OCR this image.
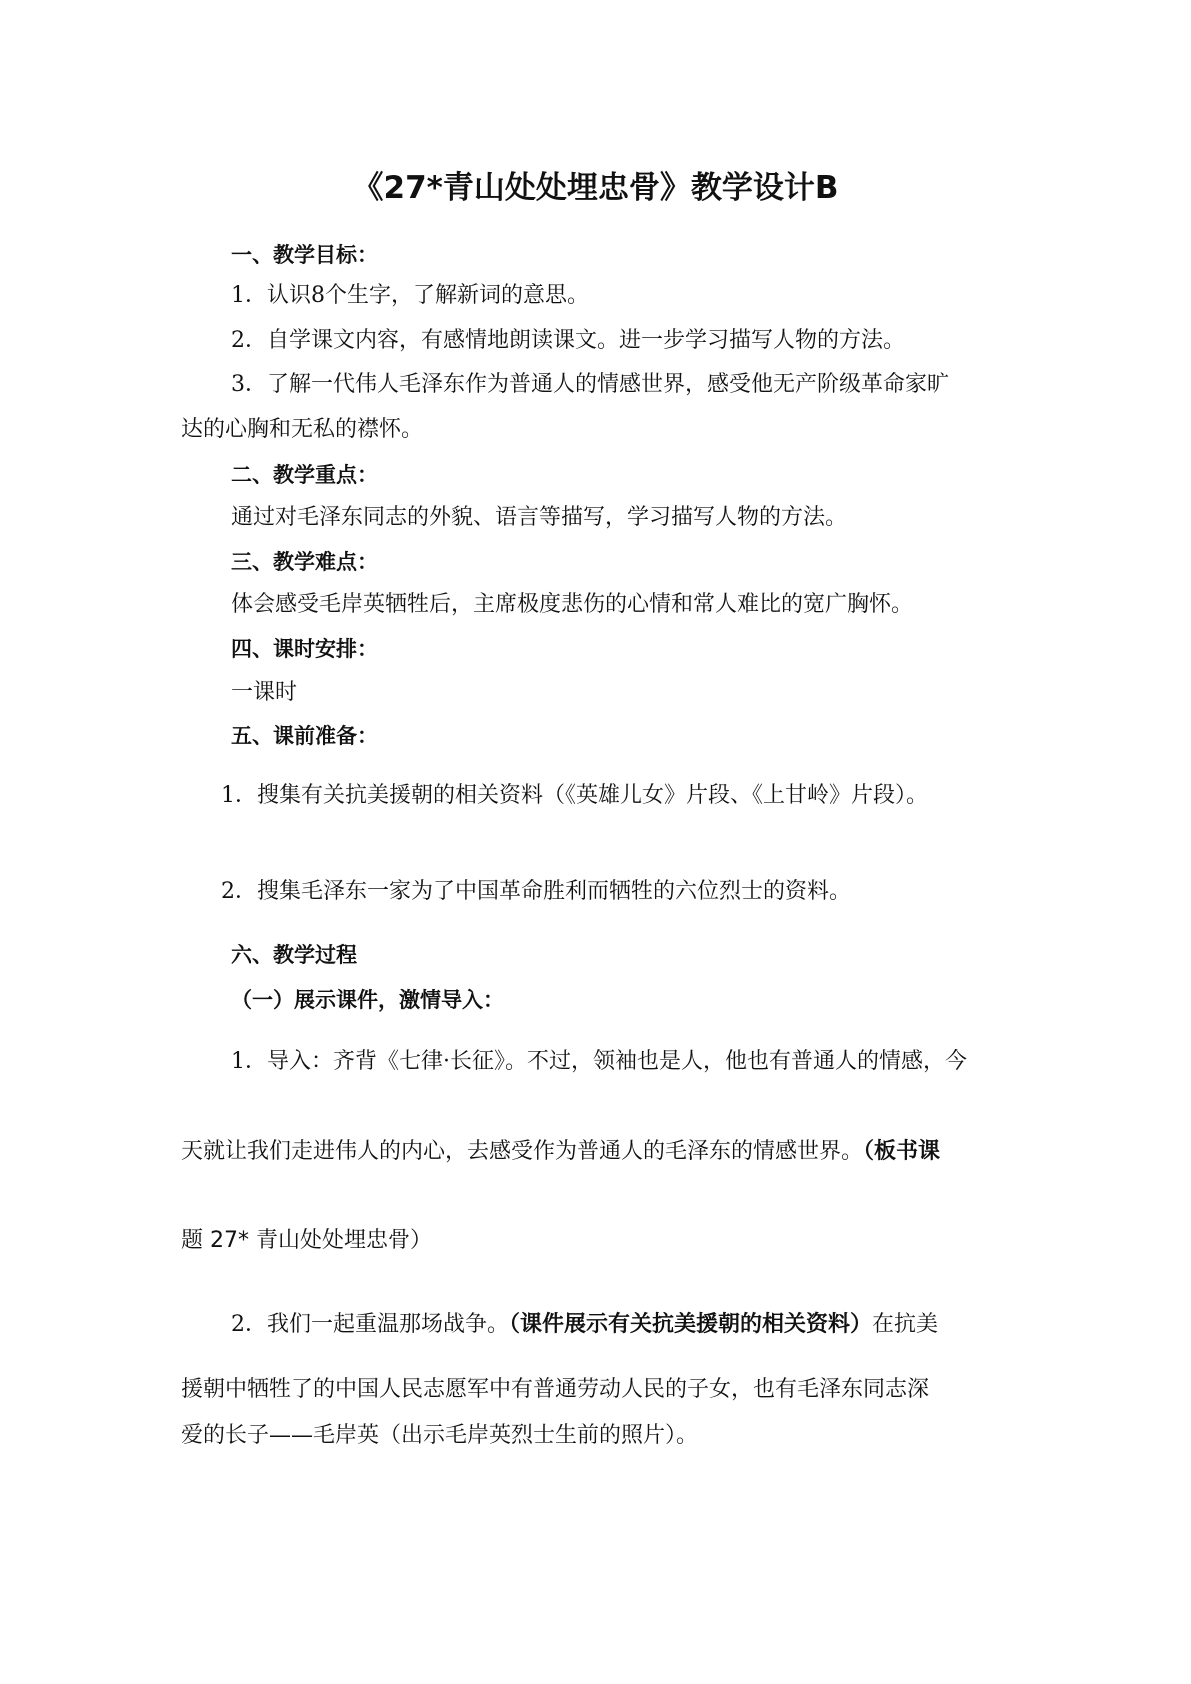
《27*青山处处埋忠骨》教学设计B
一、教学目标：
1．认识8个生字，了解新词的意思。
2．自学课文内容，有感情地朗读课文。进一步学习描写人物的方法。
3．了解一代伟人毛泽东作为普通人的情感世界，感受他无产阶级革命家旷
达的心胸和无私的襟怀。
二、教学重点：
通过对毛泽东同志的外貌、语言等描写，学习描写人物的方法。
三、教学难点：
体会感受毛岸英牺牲后，主席极度悲伤的心情和常人难比的宽广胸怀。
四、课时安排：
一课时
五、课前准备：
1．搜集有关抗美援朝的相关资料（《英雄儿女》片段、《上甘岭》片段）。
2．搜集毛泽东一家为了中国革命胜利而牺牲的六位烈士的资料。
六、教学过程
（一）展示课件，激情导入：
1．导入：齐背《七律·长征》。不过，领袖也是人，他也有普通人的情感，今
天就让我们走进伟人的内心，去感受作为普通人的毛泽东的情感世界。（板书课
题 27* 青山处处埋忠骨）
2．我们一起重温那场战争。（课件展示有关抗美援朝的相关资料）在抗美
援朝中牺牲了的中国人民志愿军中有普通劳动人民的子女，也有毛泽东同志深
爱的长子——毛岸英（出示毛岸英烈士生前的照片）。
